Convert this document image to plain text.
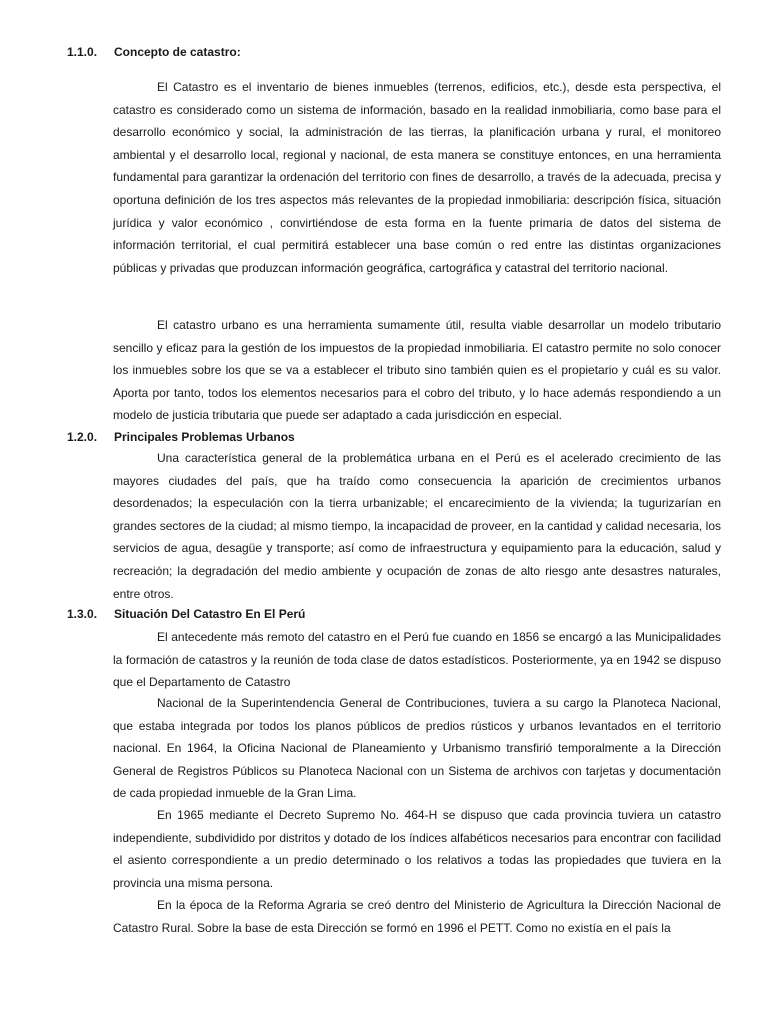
1.1.0. Concepto de catastro:
El Catastro es el inventario de bienes inmuebles (terrenos, edificios, etc.), desde esta perspectiva, el catastro es considerado como un sistema de información, basado en la realidad inmobiliaria, como base para el desarrollo económico y social, la administración de las tierras, la planificación urbana y rural, el monitoreo ambiental y el desarrollo local, regional y nacional, de esta manera se constituye entonces, en una herramienta fundamental para garantizar la ordenación del territorio con fines de desarrollo, a través de la adecuada, precisa y oportuna definición de los tres aspectos más relevantes de la propiedad inmobiliaria: descripción física, situación jurídica y valor económico , convirtiéndose de esta forma en la fuente primaria de datos del sistema de información territorial, el cual permitirá establecer una base común o red entre las distintas organizaciones públicas y privadas que produzcan información geográfica, cartográfica y catastral del territorio nacional.
El catastro urbano es una herramienta sumamente útil, resulta viable desarrollar un modelo tributario sencillo y eficaz para la gestión de los impuestos de la propiedad inmobiliaria. El catastro permite no solo conocer los inmuebles sobre los que se va a establecer el tributo sino también quien es el propietario y cuál es su valor. Aporta por tanto, todos los elementos necesarios para el cobro del tributo, y lo hace además respondiendo a un modelo de justicia tributaria que puede ser adaptado a cada jurisdicción en especial.
1.2.0. Principales Problemas Urbanos
Una característica general de la problemática urbana en el Perú es el acelerado crecimiento de las mayores ciudades del país, que ha traído como consecuencia la aparición de crecimientos urbanos desordenados; la especulación con la tierra urbanizable; el encarecimiento de la vivienda; la tugurizarían en grandes sectores de la ciudad; al mismo tiempo, la incapacidad de proveer, en la cantidad y calidad necesaria, los servicios de agua, desagüe y transporte; así como de infraestructura y equipamiento para la educación, salud y recreación; la degradación del medio ambiente y ocupación de zonas de alto riesgo ante desastres naturales, entre otros.
1.3.0. Situación Del Catastro En El Perú
El antecedente más remoto del catastro en el Perú fue cuando en 1856 se encargó a las Municipalidades la formación de catastros y la reunión de toda clase de datos estadísticos. Posteriormente, ya en 1942 se dispuso que el Departamento de Catastro
Nacional de la Superintendencia General de Contribuciones, tuviera a su cargo la Planoteca Nacional, que estaba integrada por todos los planos públicos de predios rústicos y urbanos levantados en el territorio nacional. En 1964, la Oficina Nacional de Planeamiento y Urbanismo transfirió temporalmente a la Dirección General de Registros Públicos su Planoteca Nacional con un Sistema de archivos con tarjetas y documentación de cada propiedad inmueble de la Gran Lima.
En 1965 mediante el Decreto Supremo No. 464-H se dispuso que cada provincia tuviera un catastro independiente, subdividido por distritos y dotado de los índices alfabéticos necesarios para encontrar con facilidad el asiento correspondiente a un predio determinado o los relativos a todas las propiedades que tuviera en la provincia una misma persona.
En la época de la Reforma Agraria se creó dentro del Ministerio de Agricultura la Dirección Nacional de Catastro Rural. Sobre la base de esta Dirección se formó en 1996 el PETT. Como no existía en el país la
